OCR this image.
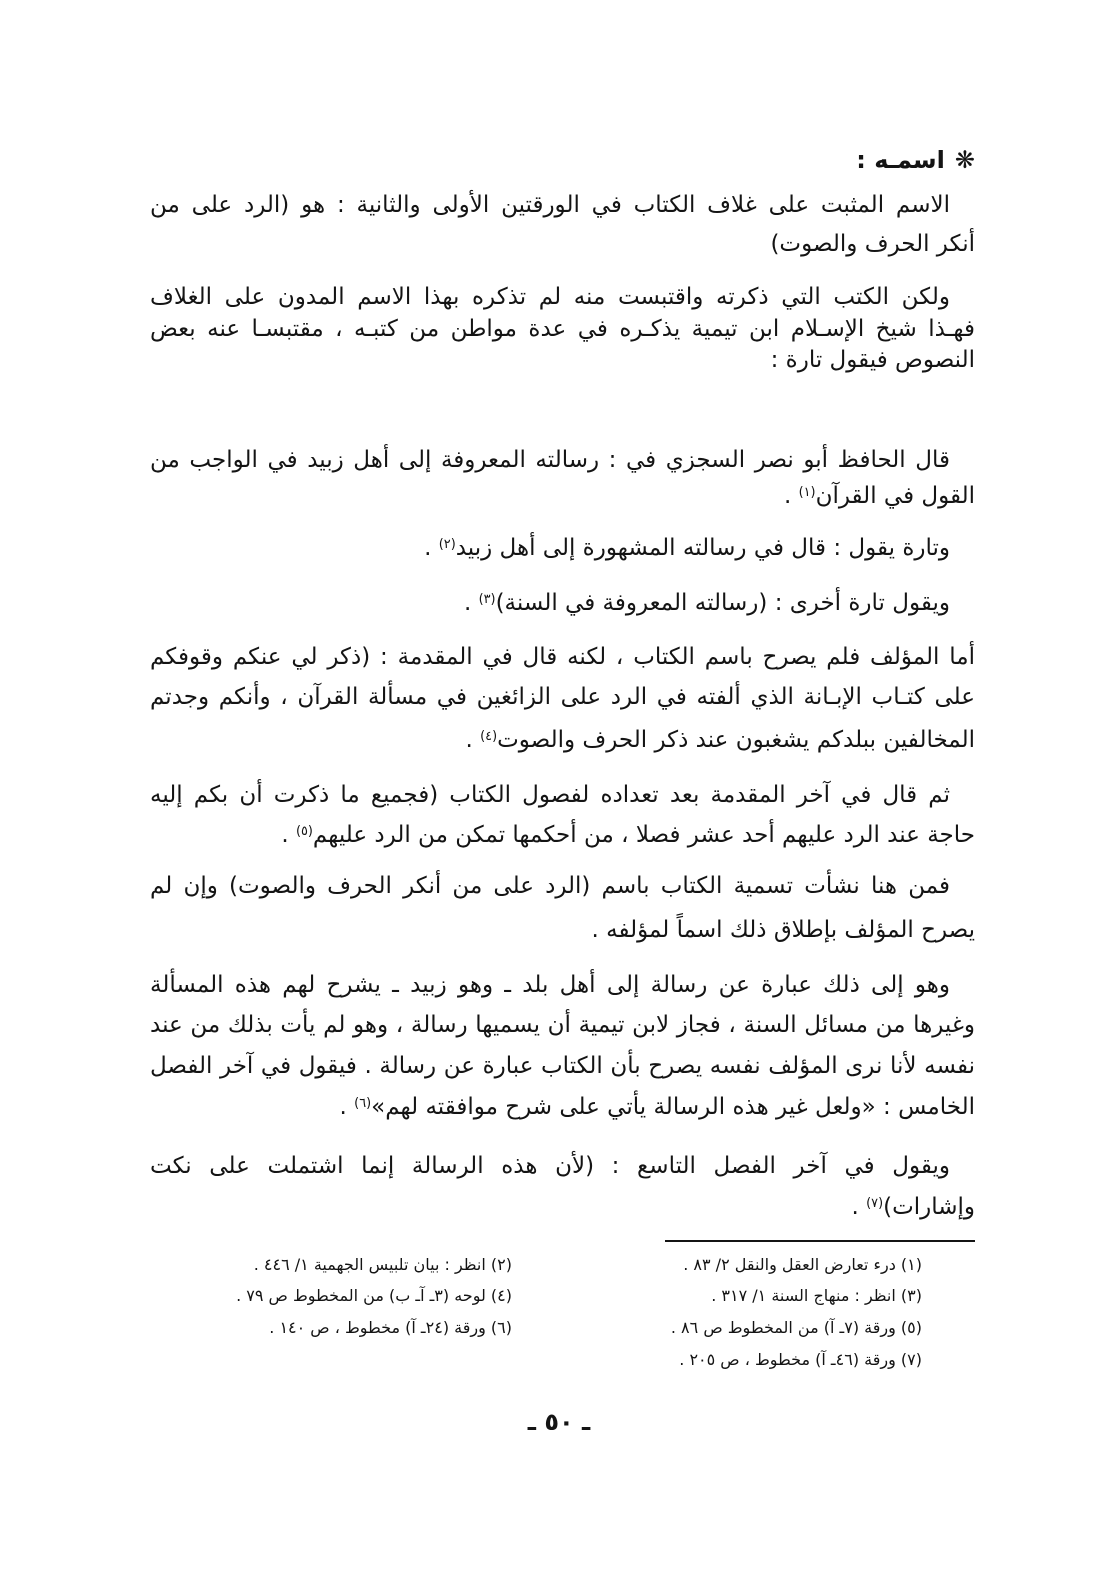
❋اسمـه :
الاسم المثبت على غلاف الكتاب في الورقتين الأولى والثانية : هو (الرد على من
أنكر الحرف والصوت)
ولكن الكتب التي ذكرته واقتبست منه لم تذكره بهذا الاسم المدون على الغلاف
فهـذا شيخ الإسـلام ابن تيمية يذكـره في عدة مواطن من كتبـه ، مقتبسـا عنه بعض
النصوص فيقول تارة :
قال الحافظ أبو نصر السجزي في : رسالته المعروفة إلى أهل زبيد في الواجب من
القول في القرآن$^{(١)}$ .
وتارة يقول : قال في رسالته المشهورة إلى أهل زبيد$^{(٢)}$ .
ويقول تارة أخرى : (رسالته المعروفة في السنة)$^{(٣)}$ .
أما المؤلف فلم يصرح باسم الكتاب ، لكنه قال في المقدمة : (ذكر لي عنكم وقوفكم
على كتـاب الإبـانة الذي ألفته في الرد على الزائغين في مسألة القرآن ، وأنكم وجدتم
المخالفين ببلدكم يشغبون عند ذكر الحرف والصوت$^{(٤)}$ .
ثم قال في آخر المقدمة بعد تعداده لفصول الكتاب (فجميع ما ذكرت أن بكم إليه
حاجة عند الرد عليهم أحد عشر فصلا ، من أحكمها تمكن من الرد عليهم$^{(٥)}$ .
فمن هنا نشأت تسمية الكتاب باسم (الرد على من أنكر الحرف والصوت) وإن لم
يصرح المؤلف بإطلاق ذلك اسماً لمؤلفه .
وهو إلى ذلك عبارة عن رسالة إلى أهل بلد ـ وهو زبيد ـ يشرح لهم هذه المسألة
وغيرها من مسائل السنة ، فجاز لابن تيمية أن يسميها رسالة ، وهو لم يأت بذلك من عند
نفسه لأنا نرى المؤلف نفسه يصرح بأن الكتاب عبارة عن رسالة . فيقول في آخر الفصل
الخامس : «ولعل غير هذه الرسالة يأتي على شرح موافقته لهم»$^{(٦)}$ .
ويقول في آخر الفصل التاسع : (لأن هذه الرسالة إنما اشتملت على نكت
وإشارات)$^{(٧)}$ .
(١) درء تعارض العقل والنقل ٢/ ٨٣ .
(٢) انظر : بيان تلبيس الجهمية ١/ ٤٤٦ .
(٣) انظر : منهاج السنة ١/ ٣١٧ .
(٤) لوحه (٣ـ آـ ب) من المخطوط ص ٧٩ .
(٥) ورقة (٧ـ آ) من المخطوط ص ٨٦ .
(٦) ورقة (٢٤ـ آ) مخطوط ، ص ١٤٠ .
(٧) ورقة (٤٦ـ آ) مخطوط ، ص ٢٠٥ .
ـ ٥٠ ـ
